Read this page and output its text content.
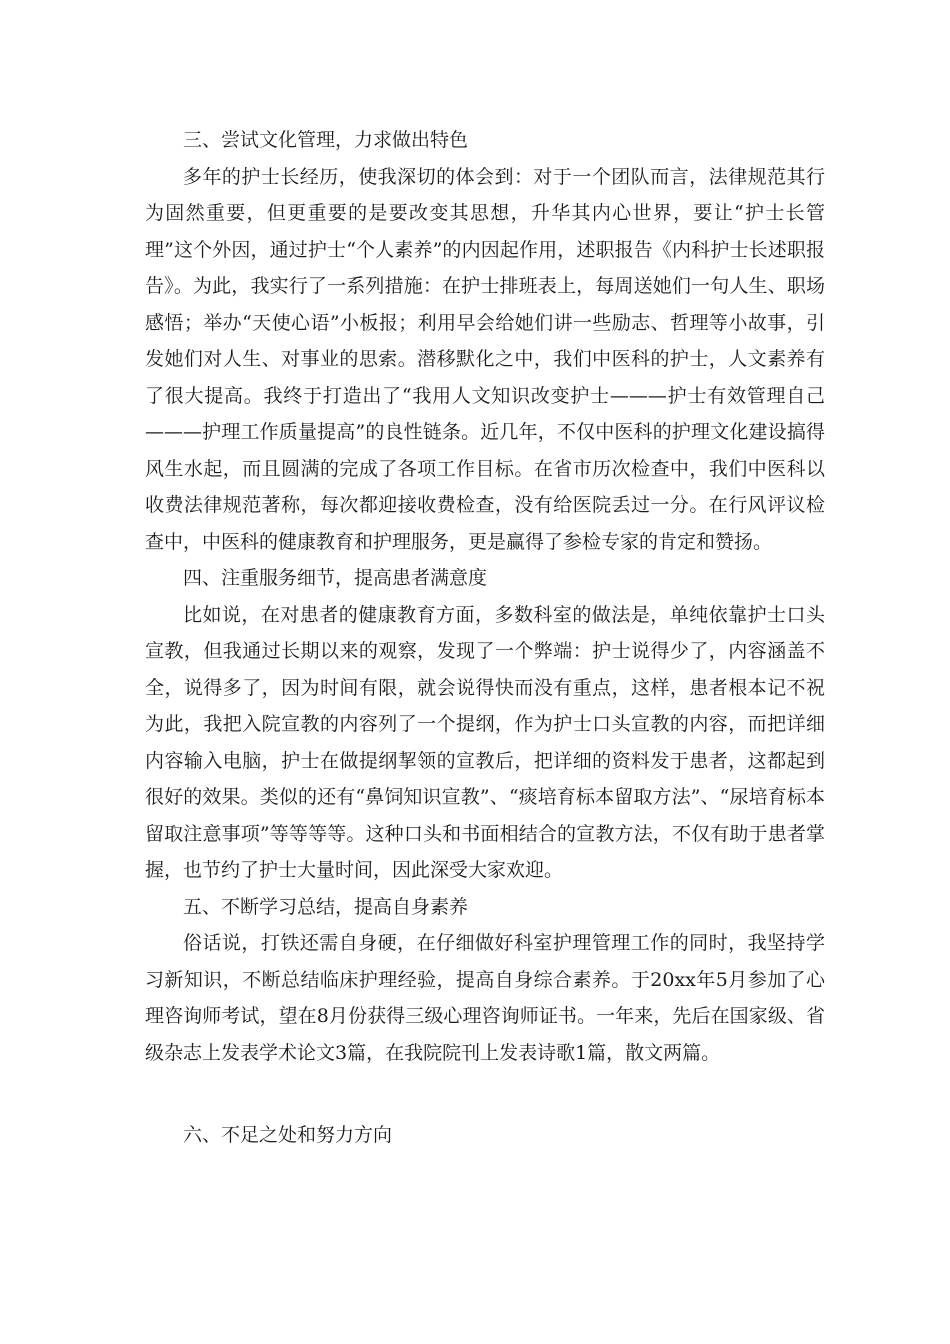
三、尝试文化管理，力求做出特色

多年的护士长经历，使我深切的体会到：对于一个团队而言，法律规范其行为固然重要，但更重要的是要改变其思想，升华其内心世界，要让“护士长管理”这个外因，通过护士“个人素养”的内因起作用，述职报告《内科护士长述职报告》。为此，我实行了一系列措施：在护士排班表上，每周送她们一句人生、职场感悟；举办“天使心语”小板报；利用早会给她们讲一些励志、哲理等小故事，引发她们对人生、对事业的思索。潜移默化之中，我们中医科的护士，人文素养有了很大提高。我终于打造出了“我用人文知识改变护士———护士有效管理自己———护理工作质量提高”的良性链条。近几年，不仅中医科的护理文化建设搞得风生水起，而且圆满的完成了各项工作目标。在省市历次检查中，我们中医科以收费法律规范著称，每次都迎接收费检查，没有给医院丢过一分。在行风评议检查中，中医科的健康教育和护理服务，更是赢得了参检专家的肯定和赞扬。

四、注重服务细节，提高患者满意度

比如说，在对患者的健康教育方面，多数科室的做法是，单纯依靠护士口头宣教，但我通过长期以来的观察，发现了一个弊端：护士说得少了，内容涵盖不全，说得多了，因为时间有限，就会说得快而没有重点，这样，患者根本记不祝为此，我把入院宣教的内容列了一个提纲，作为护士口头宣教的内容，而把详细内容输入电脑，护士在做提纲挈领的宣教后，把详细的资料发于患者，这都起到很好的效果。类似的还有“鼻饲知识宣教”、“痰培育标本留取方法”、“尿培育标本留取注意事项”等等等等。这种口头和书面相结合的宣教方法，不仅有助于患者掌握，也节约了护士大量时间，因此深受大家欢迎。

五、不断学习总结，提高自身素养

俗话说，打铁还需自身硬，在仔细做好科室护理管理工作的同时，我坚持学习新知识，不断总结临床护理经验，提高自身综合素养。于20xx年5月参加了心理咨询师考试，望在8月份获得三级心理咨询师证书。一年来，先后在国家级、省级杂志上发表学术论文3篇，在我院院刊上发表诗歌1篇，散文两篇。

六、不足之处和努力方向
